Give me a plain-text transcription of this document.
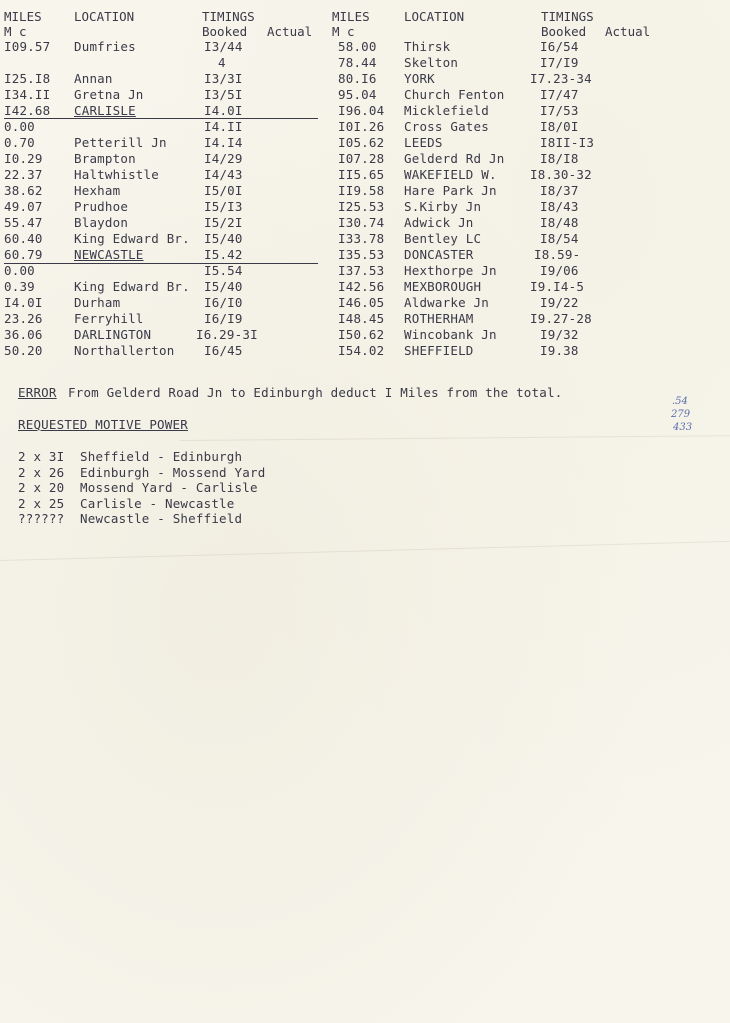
MILES	LOCATION	TIMINGS
M c	Booked Actual
MILES	LOCATION	TIMINGS
M c	Booked Actual
I09.57 Dumfries	I3/44
4
I25.I8 Annan	I3/3I
I34.II Gretna Jn	I3/5I
I42.68 CARLISLE	I4.0I
0.00	I4.II
0.70	Petterill Jn	I4.I4
I0.29	Brampton	I4/29
22.37	Haltwhistle	I4/43
38.62	Hexham	I5/0I
49.07	Prudhoe	I5/I3
55.47	Blaydon	I5/2I
60.40	King Edward Br. I5/40
60.79	NEWCASTLE	I5.42
0.00	I5.54
0.39	King Edward Br. I5/40
I4.0I	Durham	I6/I0
23.26	Ferryhill	I6/I9
36.06	DARLINGTON	I6.29-3I
50.20	Northallerton I6/45
58.00 Thirsk	I6/54
78.44 Skelton	I7/I9
80.I6 YORK	I7.23-34
95.04 Church Fenton	I7/47
I96.04 Micklefield	I7/53
I0I.26 Cross Gates	I8/0I
I05.62 LEEDS	I8II-I3
I07.28 Gelderd Rd Jn	I8/I8
II5.65 WAKEFIELD W.	I8.30-32
II9.58 Hare Park Jn	I8/37
I25.53 S.Kirby Jn	I8/43
I30.74 Adwick Jn	I8/48
I33.78 Bentley LC	I8/54
I35.53 DONCASTER	I8.59-
I37.53 Hexthorpe Jn	I9/06
I42.56 MEXBOROUGH	I9.I4-5
I46.05 Aldwarke Jn	I9/22
I48.45 ROTHERHAM	I9.27-28
I50.62 Wincobank Jn	I9/32
I54.02 SHEFFIELD	I9.38
ERROR From Gelderd Road Jn to Edinburgh deduct I Miles from the total.
.54
279
433
REQUESTED MOTIVE POWER
2 x 3I Sheffield - Edinburgh
2 x 26 Edinburgh - Mossend Yard
2 x 20 Mossend Yard - Carlisle
2 x 25 Carlisle - Newcastle
?????? Newcastle - Sheffield
